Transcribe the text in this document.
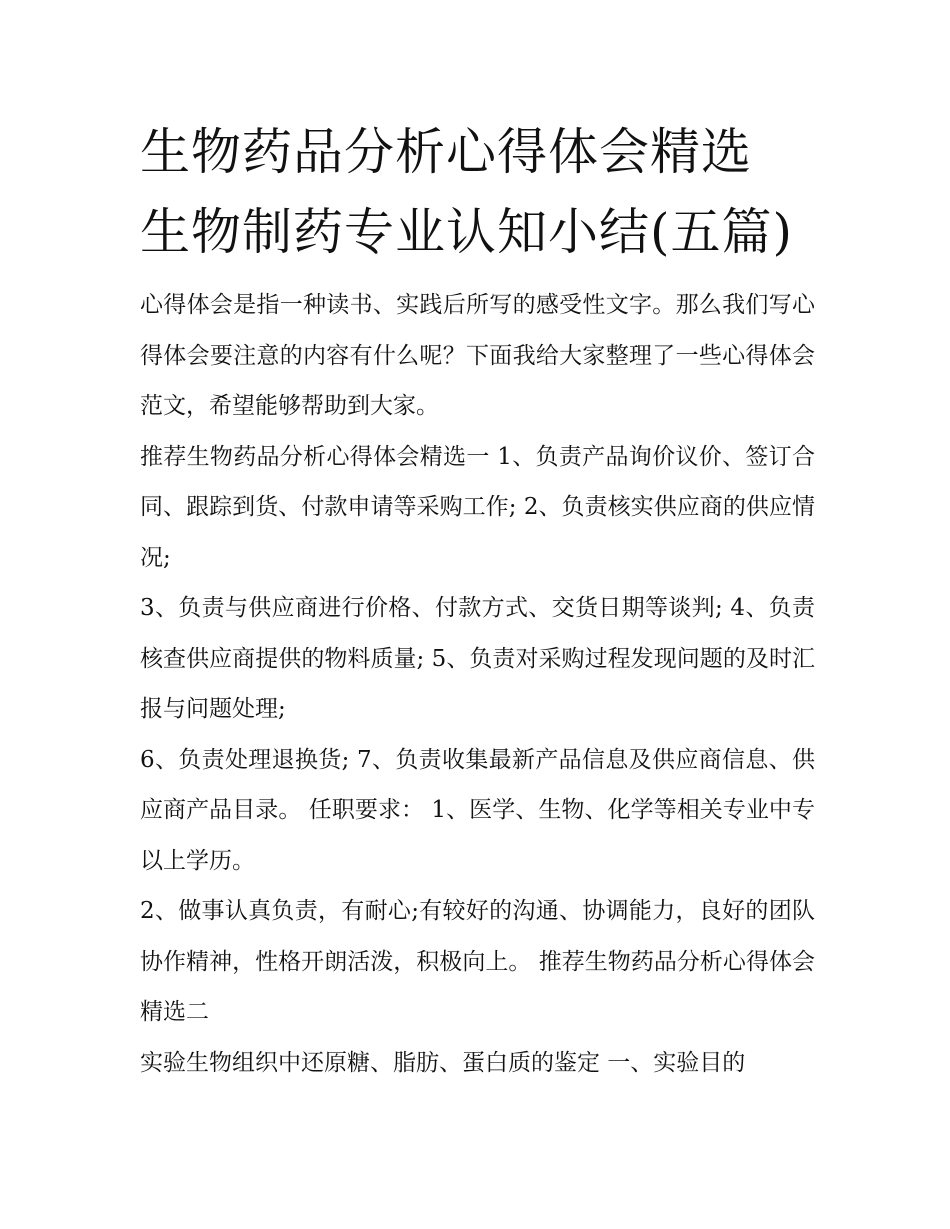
生物药品分析心得体会精选 生物制药专业认知小结(五篇)

心得体会是指一种读书、实践后所写的感受性文字。那么我们写心得体会要注意的内容有什么呢？下面我给大家整理了一些心得体会范文，希望能够帮助到大家。

推荐生物药品分析心得体会精选一 1、负责产品询价议价、签订合同、跟踪到货、付款申请等采购工作; 2、负责核实供应商的供应情况;

3、负责与供应商进行价格、付款方式、交货日期等谈判; 4、负责核查供应商提供的物料质量; 5、负责对采购过程发现问题的及时汇报与问题处理;

6、负责处理退换货; 7、负责收集最新产品信息及供应商信息、供应商产品目录。 任职要求： 1、医学、生物、化学等相关专业中专以上学历。

2、做事认真负责，有耐心;有较好的沟通、协调能力，良好的团队协作精神，性格开朗活泼，积极向上。 推荐生物药品分析心得体会精选二

实验生物组织中还原糖、脂肪、蛋白质的鉴定 一、实验目的
